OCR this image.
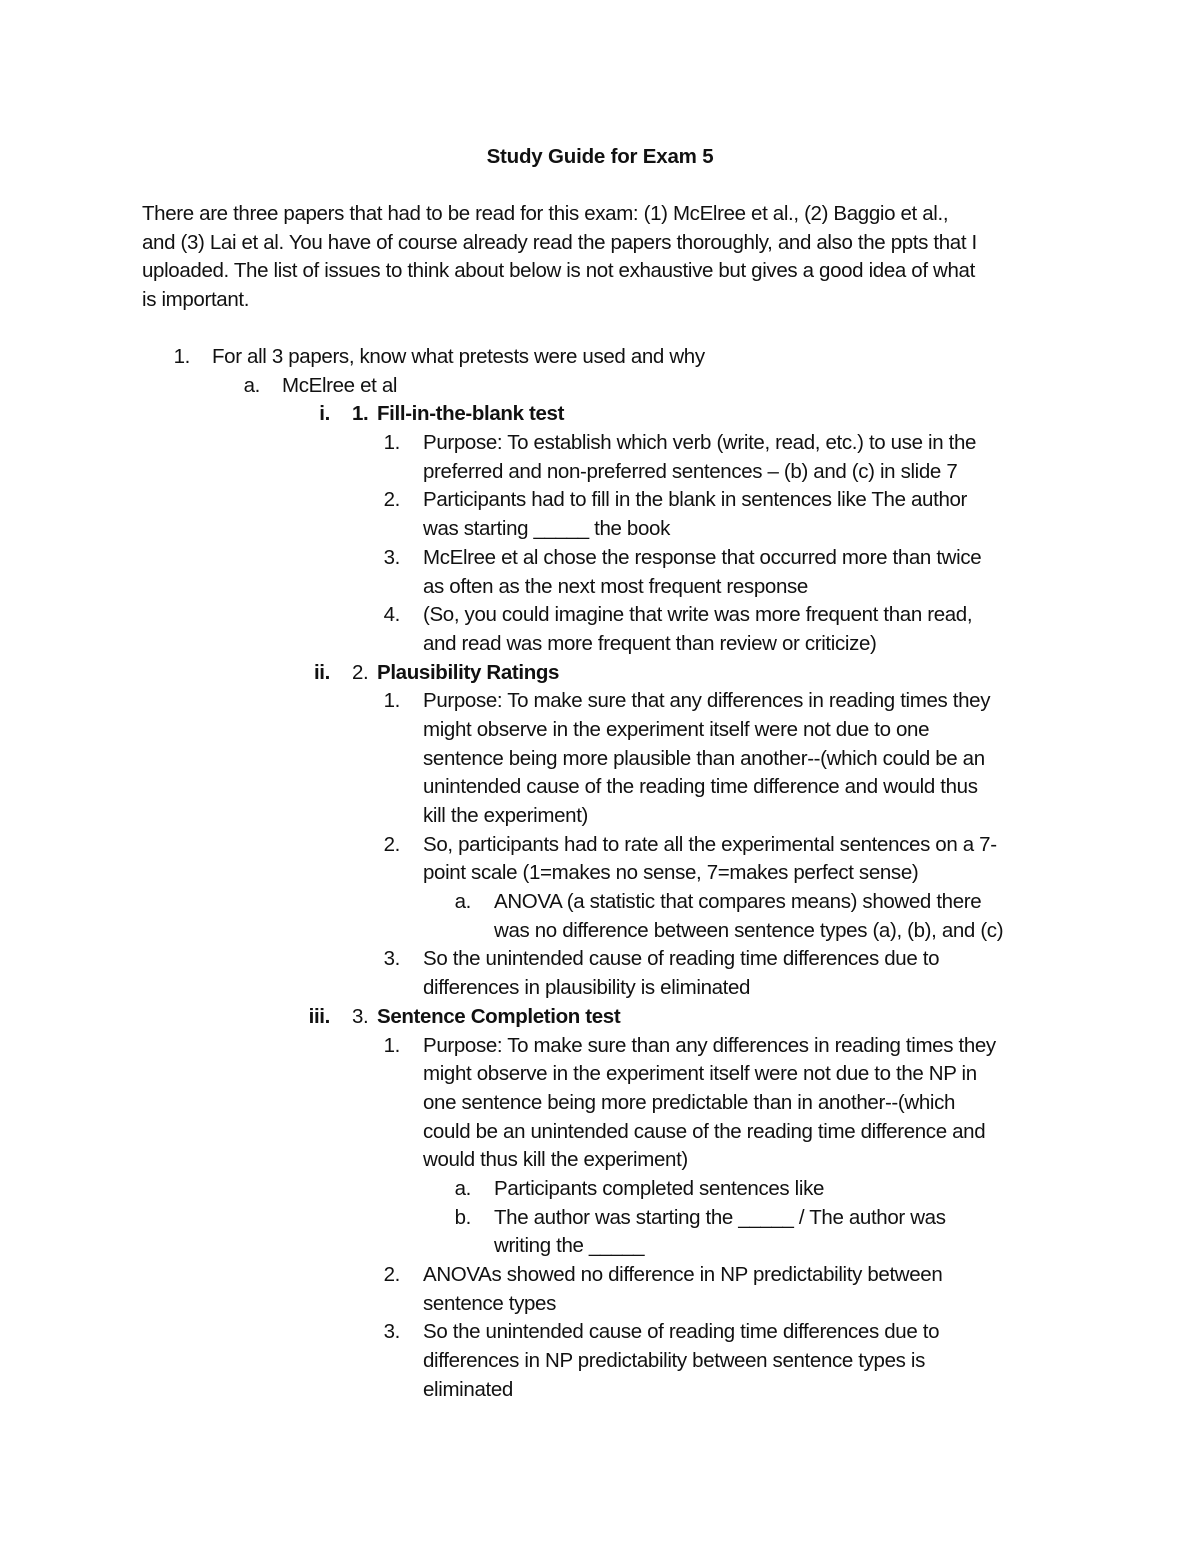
Study Guide for Exam 5
There are three papers that had to be read for this exam: (1) McElree et al., (2) Baggio et al.,
and (3) Lai et al. You have of course already read the papers thoroughly, and also the ppts that I
uploaded. The list of issues to think about below is not exhaustive but gives a good idea of what
is important.
1. For all 3 papers, know what pretests were used and why
a. McElree et al
i. 1. Fill-in-the-blank test
1. Purpose: To establish which verb (write, read, etc.) to use in the
preferred and non-preferred sentences – (b) and (c) in slide 7
2. Participants had to fill in the blank in sentences like The author
was starting _____ the book
3. McElree et al chose the response that occurred more than twice
as often as the next most frequent response
4. (So, you could imagine that write was more frequent than read,
and read was more frequent than review or criticize)
ii. 2. Plausibility Ratings
1. Purpose: To make sure that any differences in reading times they
might observe in the experiment itself were not due to one
sentence being more plausible than another--(which could be an
unintended cause of the reading time difference and would thus
kill the experiment)
2. So, participants had to rate all the experimental sentences on a 7-
point scale (1=makes no sense, 7=makes perfect sense)
a. ANOVA (a statistic that compares means) showed there
was no difference between sentence types (a), (b), and (c)
3. So the unintended cause of reading time differences due to
differences in plausibility is eliminated
iii. 3. Sentence Completion test
1. Purpose: To make sure than any differences in reading times they
might observe in the experiment itself were not due to the NP in
one sentence being more predictable than in another--(which
could be an unintended cause of the reading time difference and
would thus kill the experiment)
a. Participants completed sentences like
b. The author was starting the _____ / The author was
writing the _____
2. ANOVAs showed no difference in NP predictability between
sentence types
3. So the unintended cause of reading time differences due to
differences in NP predictability between sentence types is
eliminated
